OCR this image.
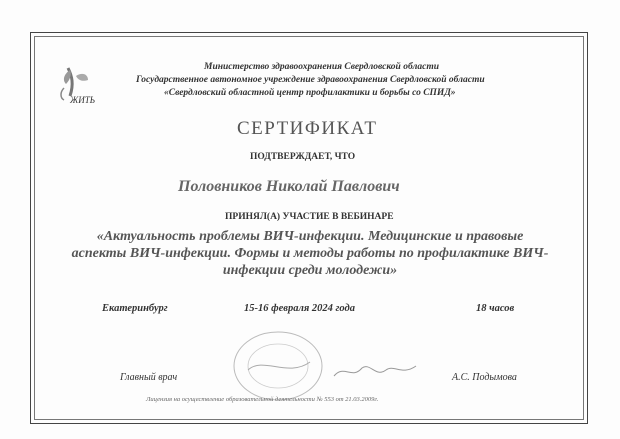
ЖИТЬ
Министерство здравоохранения Свердловской области
Государственное автономное учреждение здравоохранения Свердловской области
«Свердловский областной центр профилактики и борьбы со СПИД»
СЕРТИФИКАТ
ПОДТВЕРЖДАЕТ, ЧТО
Половников Николай Павлович
ПРИНЯЛ(А) УЧАСТИЕ В ВЕБИНАРЕ
«Актуальность проблемы ВИЧ-инфекции. Медицинские и правовые аспекты ВИЧ-инфекции. Формы и методы работы по профилактике ВИЧ-инфекции среди молодежи»
Екатеринбург	15-16 февраля 2024 года	18 часов
Главный врач	А.С. Подымова
Лицензия на осуществление образовательной деятельности № 553 от 21.03.2009г.
